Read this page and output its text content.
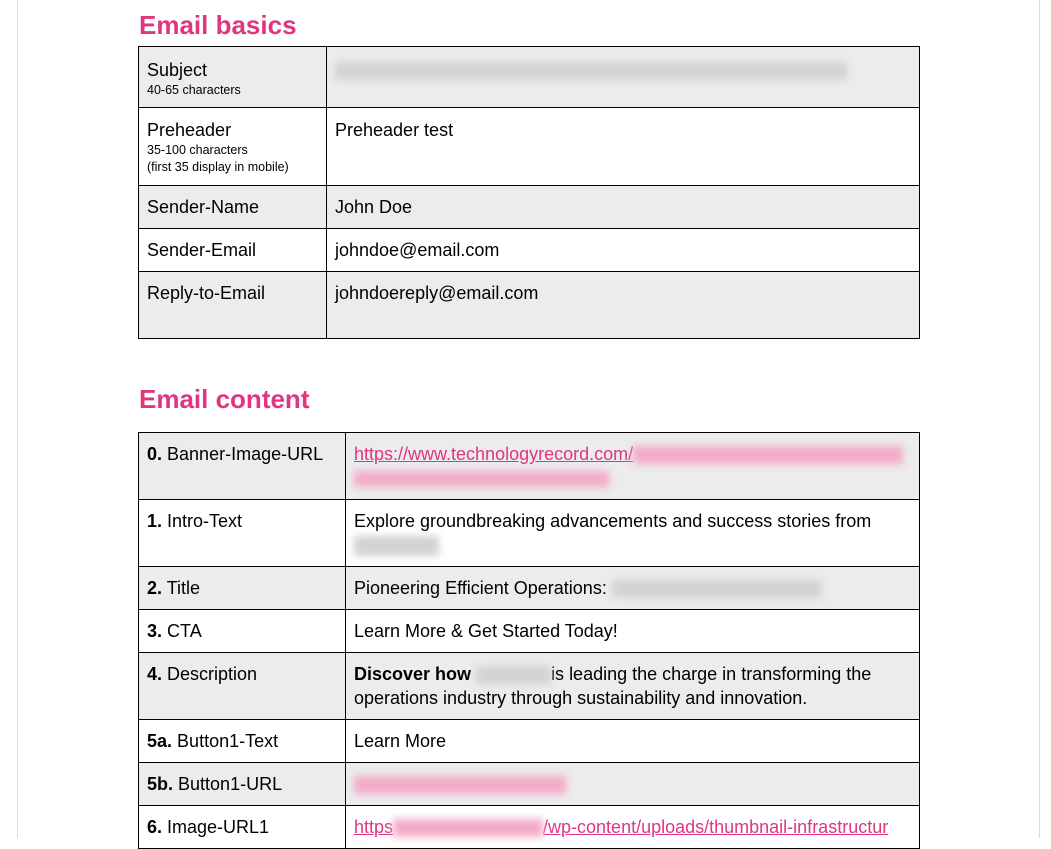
Email basics
Subject
40-65 characters	

Preheader
35-100 characters
(first 35 display in mobile)	Preheader test
Sender-Name	John Doe
Sender-Email	johndoe@email.com
Reply-to-Email	johndoereply@email.com
Email content
0. Banner-Image-URL	https://www.technologyrecord.com/

1. Intro-Text	Explore groundbreaking advancements and success stories from

2. Title	Pioneering Efficient Operations:
3. CTA	Learn More & Get Started Today!
4. Description	Discover how is leading the charge in transforming the
operations industry through sustainability and innovation.
5a. Button1-Text	Learn More
5b. Button1-URL	
6. Image-URL1	https /wp-content/uploads/thumbnail-infrastructur
